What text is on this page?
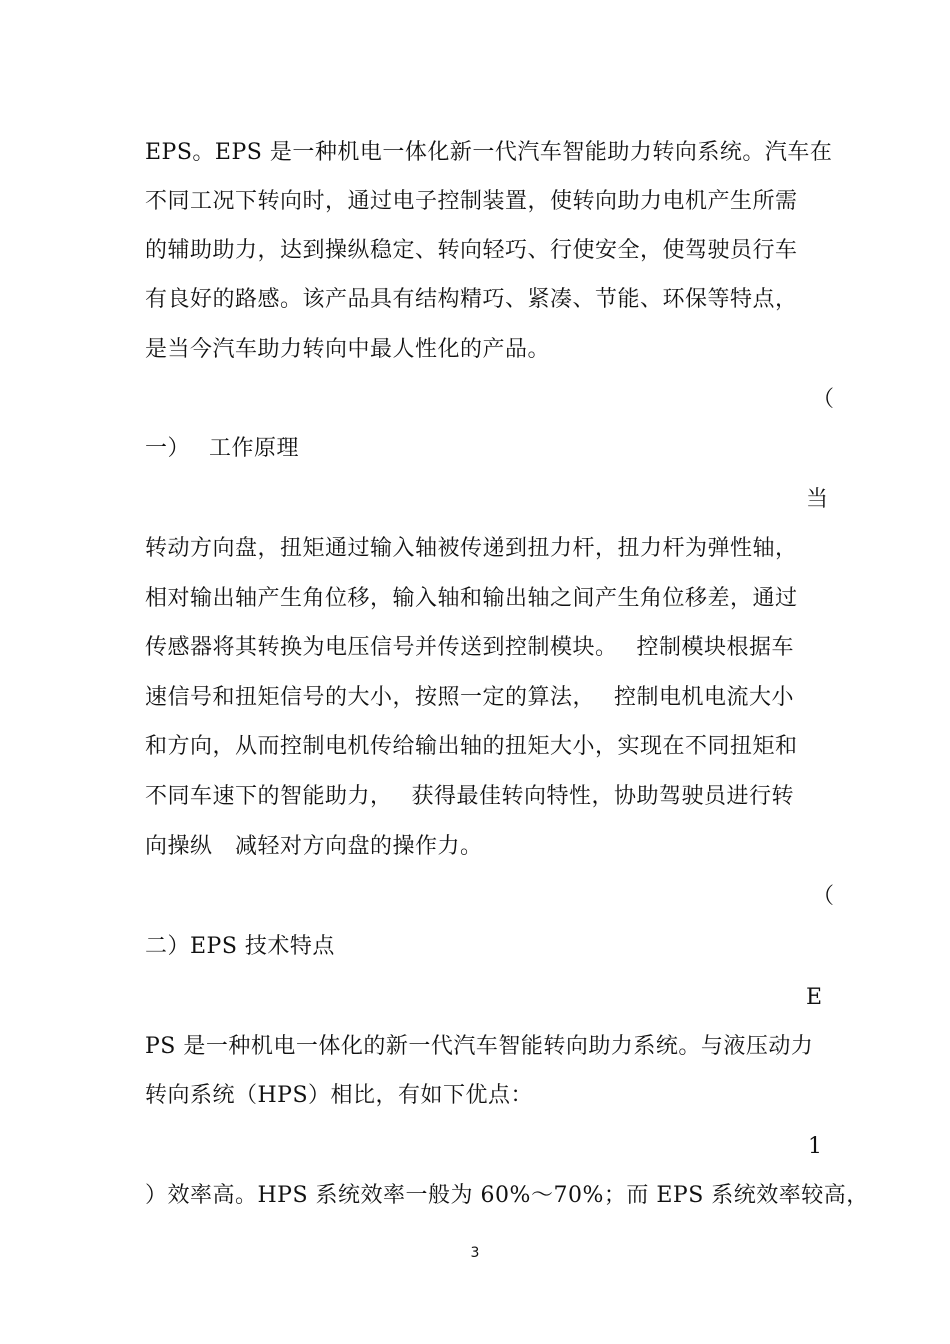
EPS。EPS 是一种机电一体化新一代汽车智能助力转向系统。汽车在
不同工况下转向时，通过电子控制装置，使转向助力电机产生所需
的辅助助力，达到操纵稳定、转向轻巧、行使安全，使驾驶员行车
有良好的路感。该产品具有结构精巧、紧凑、节能、环保等特点，
是当今汽车助力转向中最人性化的产品。
（
一）　 工作原理
当
转动方向盘，扭矩通过输入轴被传递到扭力杆，扭力杆为弹性轴，
相对输出轴产生角位移，输入轴和输出轴之间产生角位移差，通过
传感器将其转换为电压信号并传送到控制模块。　 控制模块根据车
速信号和扭矩信号的大小，按照一定的算法，　 控制电机电流大小
和方向，从而控制电机传给输出轴的扭矩大小，实现在不同扭矩和
不同车速下的智能助力，　 获得最佳转向特性，协助驾驶员进行转
向操纵　减轻对方向盘的操作力。
（
二）EPS 技术特点
E
PS 是一种机电一体化的新一代汽车智能转向助力系统。与液压动力
转向系统（HPS）相比，有如下优点：
1
）效率高。HPS 系统效率一般为 60%～70%；而 EPS 系统效率较高，
3
